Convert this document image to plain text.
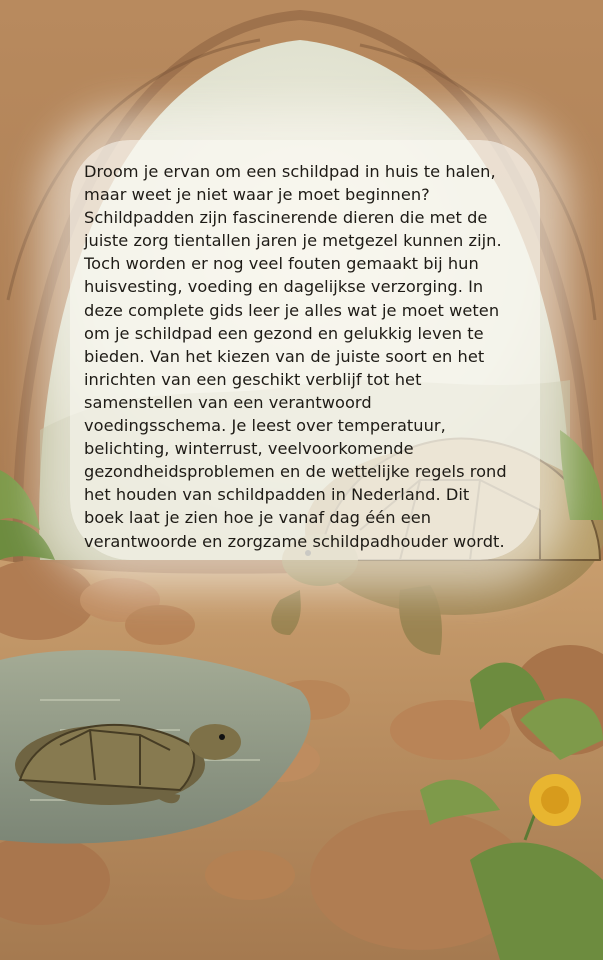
Droom je ervan om een schildpad in huis te halen,
maar weet je niet waar je moet beginnen?
Schildpadden zijn fascinerende dieren die met de
juiste zorg tientallen jaren je metgezel kunnen zijn.
Toch worden er nog veel fouten gemaakt bij hun
huisvesting, voeding en dagelijkse verzorging. In
deze complete gids leer je alles wat je moet weten
om je schildpad een gezond en gelukkig leven te
bieden. Van het kiezen van de juiste soort en het
inrichten van een geschikt verblijf tot het
samenstellen van een verantwoord
voedingsschema. Je leest over temperatuur,
belichting, winterrust, veelvoorkomende
gezondheidsproblemen en de wettelijke regels rond
het houden van schildpadden in Nederland. Dit
boek laat je zien hoe je vanaf dag één een
verantwoorde en zorgzame schildpadhouder wordt.
